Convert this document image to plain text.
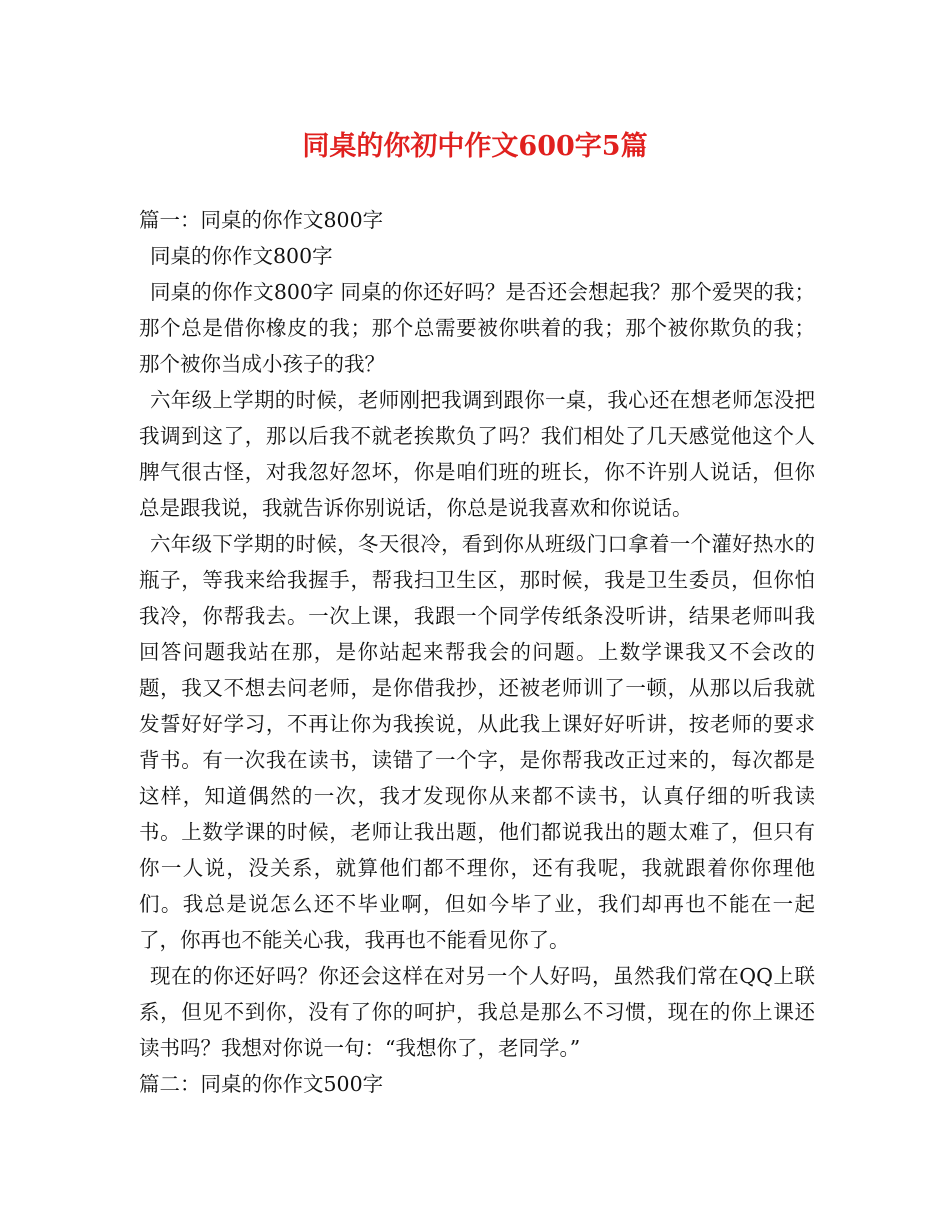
同桌的你初中作文600字5篇

篇一：同桌的你作文800字

同桌的你作文800字

同桌的你作文800字 同桌的你还好吗？是否还会想起我？那个爱哭的我；那个总是借你橡皮的我；那个总需要被你哄着的我；那个被你欺负的我；那个被你当成小孩子的我？

六年级上学期的时候，老师刚把我调到跟你一桌，我心还在想老师怎没把我调到这了，那以后我不就老挨欺负了吗？我们相处了几天感觉他这个人脾气很古怪，对我忽好忽坏，你是咱们班的班长，你不许别人说话，但你总是跟我说，我就告诉你别说话，你总是说我喜欢和你说话。

六年级下学期的时候，冬天很冷，看到你从班级门口拿着一个灌好热水的瓶子，等我来给我握手，帮我扫卫生区，那时候，我是卫生委员，但你怕我冷，你帮我去。一次上课，我跟一个同学传纸条没听讲，结果老师叫我回答问题我站在那，是你站起来帮我会的问题。上数学课我又不会改的题，我又不想去问老师，是你借我抄，还被老师训了一顿，从那以后我就发誓好好学习，不再让你为我挨说，从此我上课好好听讲，按老师的要求背书。有一次我在读书，读错了一个字，是你帮我改正过来的，每次都是这样，知道偶然的一次，我才发现你从来都不读书，认真仔细的听我读书。上数学课的时候，老师让我出题，他们都说我出的题太难了，但只有你一人说，没关系，就算他们都不理你，还有我呢，我就跟着你你理他们。我总是说怎么还不毕业啊，但如今毕了业，我们却再也不能在一起了，你再也不能关心我，我再也不能看见你了。

现在的你还好吗？你还会这样在对另一个人好吗，虽然我们常在QQ上联系，但见不到你，没有了你的呵护，我总是那么不习惯，现在的你上课还读书吗？我想对你说一句：“我想你了，老同学。”

篇二：同桌的你作文500字
